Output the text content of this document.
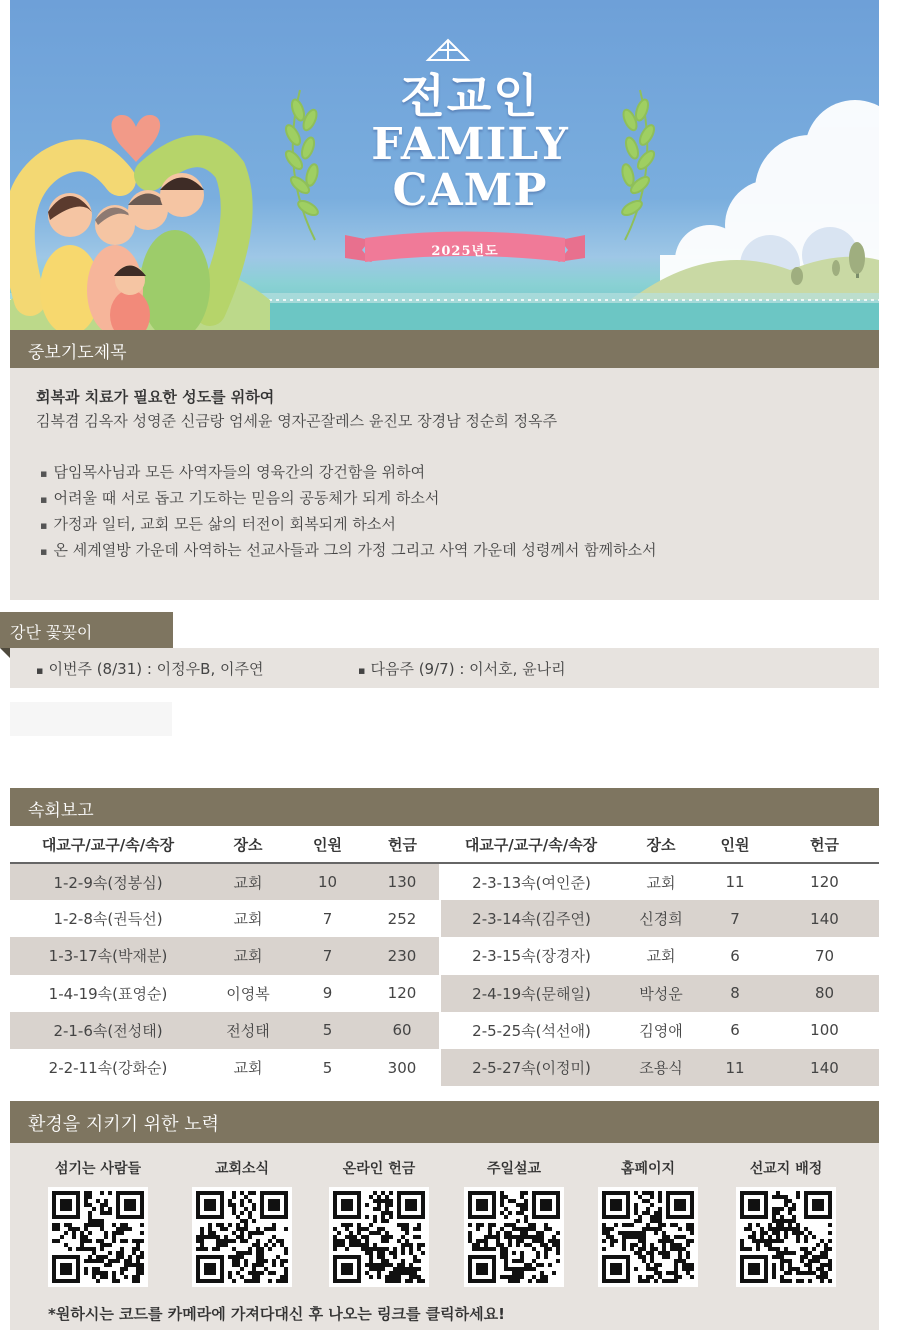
전교인
FAMILY
CAMP
2025년도
중보기도제목
회복과 치료가 필요한 성도를 위하여
김복겸 김옥자 성영준 신금랑 엄세윤 영자곤잘레스 윤진모 장경남 정순희 정옥주
▪ 담임목사님과 모든 사역자들의 영육간의 강건함을 위하여
▪ 어려울 때 서로 돕고 기도하는 믿음의 공동체가 되게 하소서
▪ 가정과 일터, 교회 모든 삶의 터전이 회복되게 하소서
▪ 온 세계열방 가운데 사역하는 선교사들과 그의 가정 그리고 사역 가운데 성령께서 함께하소서
강단 꽃꽂이
▪ 이번주 (8/31) : 이정우B, 이주연	▪ 다음주 (9/7) : 이서호, 윤나리
속회보고
대교구/교구/속/속장	장소	인원	헌금	대교구/교구/속/속장	장소	인원	헌금
1-2-9속(정봉심)	교회	10	130	2-3-13속(여인준)	교회	11	120
1-2-8속(권득선)	교회	7	252	2-3-14속(김주연)	신경희	7	140
1-3-17속(박재분)	교회	7	230	2-3-15속(장경자)	교회	6	70
1-4-19속(표영순)	이영복	9	120	2-4-19속(문해일)	박성운	8	80
2-1-6속(전성태)	전성태	5	60	2-5-25속(석선애)	김영애	6	100
2-2-11속(강화순)	교회	5	300	2-5-27속(이정미)	조용식	11	140
환경을 지키기 위한 노력
섬기는 사람들	교회소식	온라인 헌금	주일설교	홈페이지	선교지 배정
*원하시는 코드를 카메라에 가져다대신 후 나오는 링크를 클릭하세요!
